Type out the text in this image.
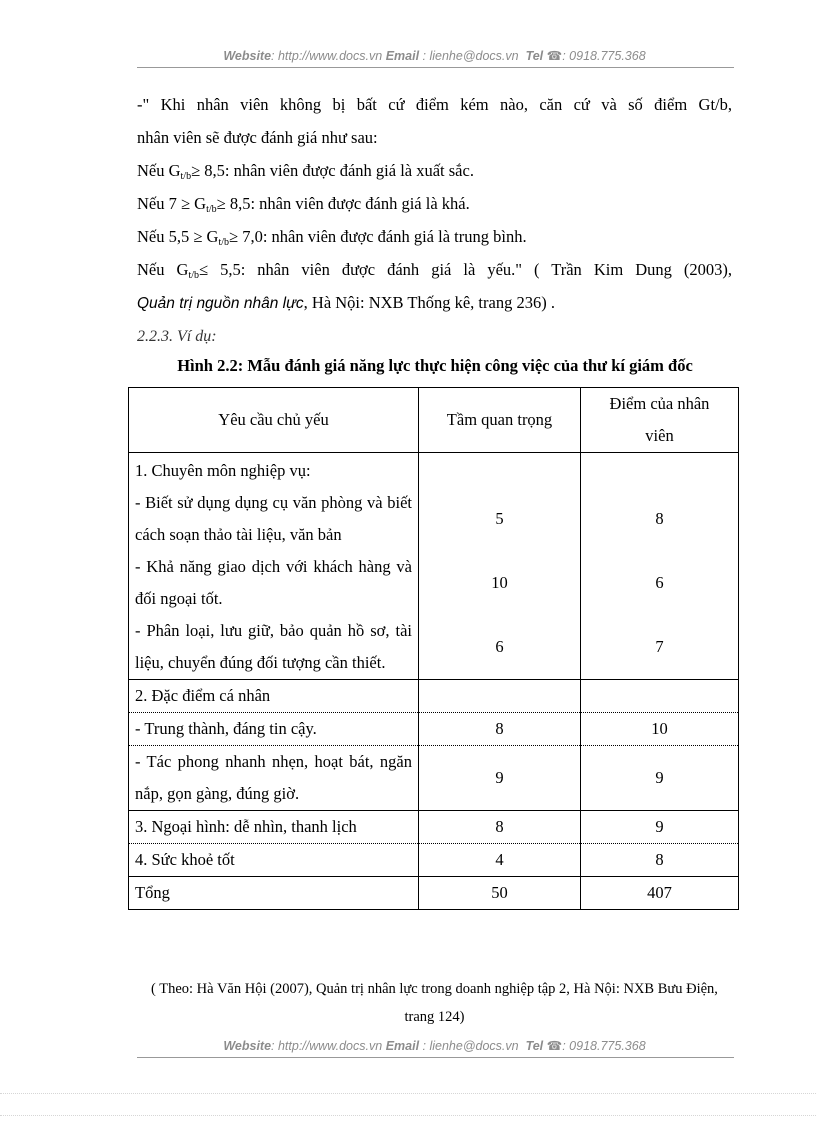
Website: http://www.docs.vn Email : lienhe@docs.vn Tel ☎: 0918.775.368
-" Khi nhân viên không bị bất cứ điểm kém nào, căn cứ và số điểm Gt/b,
nhân viên sẽ được đánh giá như sau:
Nếu $G_{t/b}\ge 8,5$: nhân viên được đánh giá là xuất sắc.
Nếu $7 \ge G_{t/b}\ge 8,5$: nhân viên được đánh giá là khá.
Nếu $5,5 \ge G_{t/b}\ge 7,0$: nhân viên được đánh giá là trung bình.
Nếu $G_{t/b}\le 5,5$: nhân viên được đánh giá là yếu." ( Trần Kim Dung (2003),
Quản trị nguồn nhân lực, Hà Nội: NXB Thống kê, trang 236) .
2.2.3. Ví dụ:
Hình 2.2: Mẫu đánh giá năng lực thực hiện công việc của thư kí giám đốc
Yêu cầu chủ yếu	Tầm quan trọng	Điểm của nhân viên
1. Chuyên môn nghiệp vụ:		
- Biết sử dụng dụng cụ văn phòng và biết cách soạn thảo tài liệu, văn bản	5	8
- Khả năng giao dịch với khách hàng và đối ngoại tốt.	10	6
- Phân loại, lưu giữ, bảo quản hồ sơ, tài liệu, chuyển đúng đối tượng cần thiết.	6	7
2. Đặc điểm cá nhân		
- Trung thành, đáng tin cậy.	8	10
- Tác phong nhanh nhẹn, hoạt bát, ngăn nắp, gọn gàng, đúng giờ.	9	9
3. Ngoại hình: dễ nhìn, thanh lịch	8	9
4. Sức khoẻ tốt	4	8
Tổng	50	407
( Theo: Hà Văn Hội (2007), Quản trị nhân lực trong doanh nghiệp tập 2, Hà Nội: NXB Bưu Điện, trang 124)
Website: http://www.docs.vn Email : lienhe@docs.vn Tel ☎: 0918.775.368
